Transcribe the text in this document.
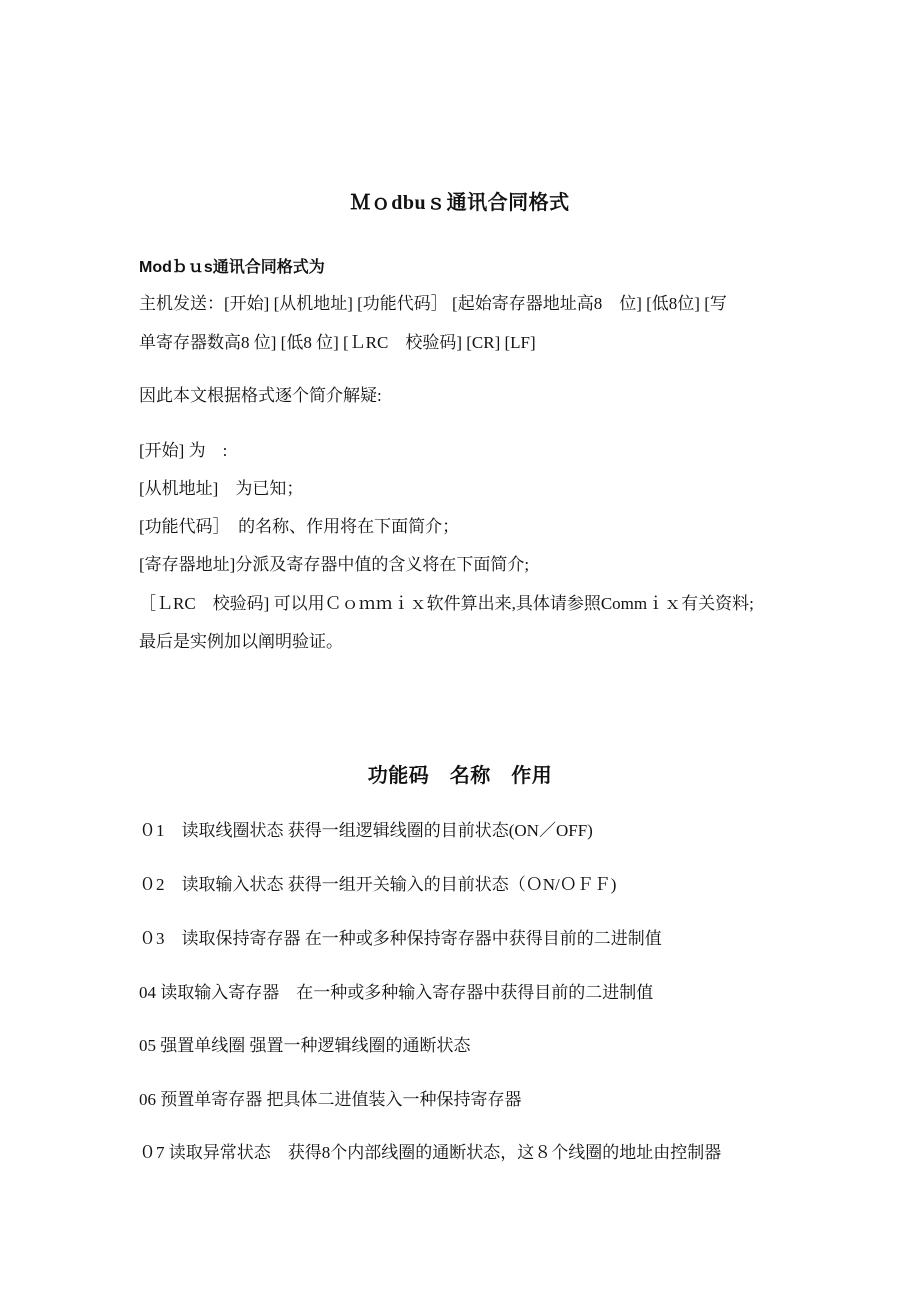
Ｍｏdbuｓ通讯合同格式
Modｂｕs通讯合同格式为
主机发送：[开始] [从机地址] [功能代码］ [起始寄存器地址高8　位] [低8位] [写
单寄存器数高8 位] [低8 位] [ＬRC　校验码] [CR] [LF]
因此本文根据格式逐个简介解疑:
[开始] 为　:
[从机地址]　为已知；
[功能代码］　的名称、作用将在下面简介；
[寄存器地址]分派及寄存器中值的含义将在下面简介;
［ＬRC　校验码] 可以用Ｃｏｍｍｉｘ软件算出来,具体请参照Commｉｘ有关资料;
最后是实例加以阐明验证。
功能码　名称　作用
０1　读取线圈状态 获得一组逻辑线圈的目前状态(ON／OFF)
０2　读取输入状态 获得一组开关输入的目前状态（ＯN/ＯＦＦ)
０3　读取保持寄存器 在一种或多种保持寄存器中获得目前的二进制值
04 读取输入寄存器　在一种或多种输入寄存器中获得目前的二进制值
05 强置单线圈 强置一种逻辑线圈的通断状态
06 预置单寄存器 把具体二进值装入一种保持寄存器
０7 读取异常状态　获得8个内部线圈的通断状态，这８个线圈的地址由控制器
